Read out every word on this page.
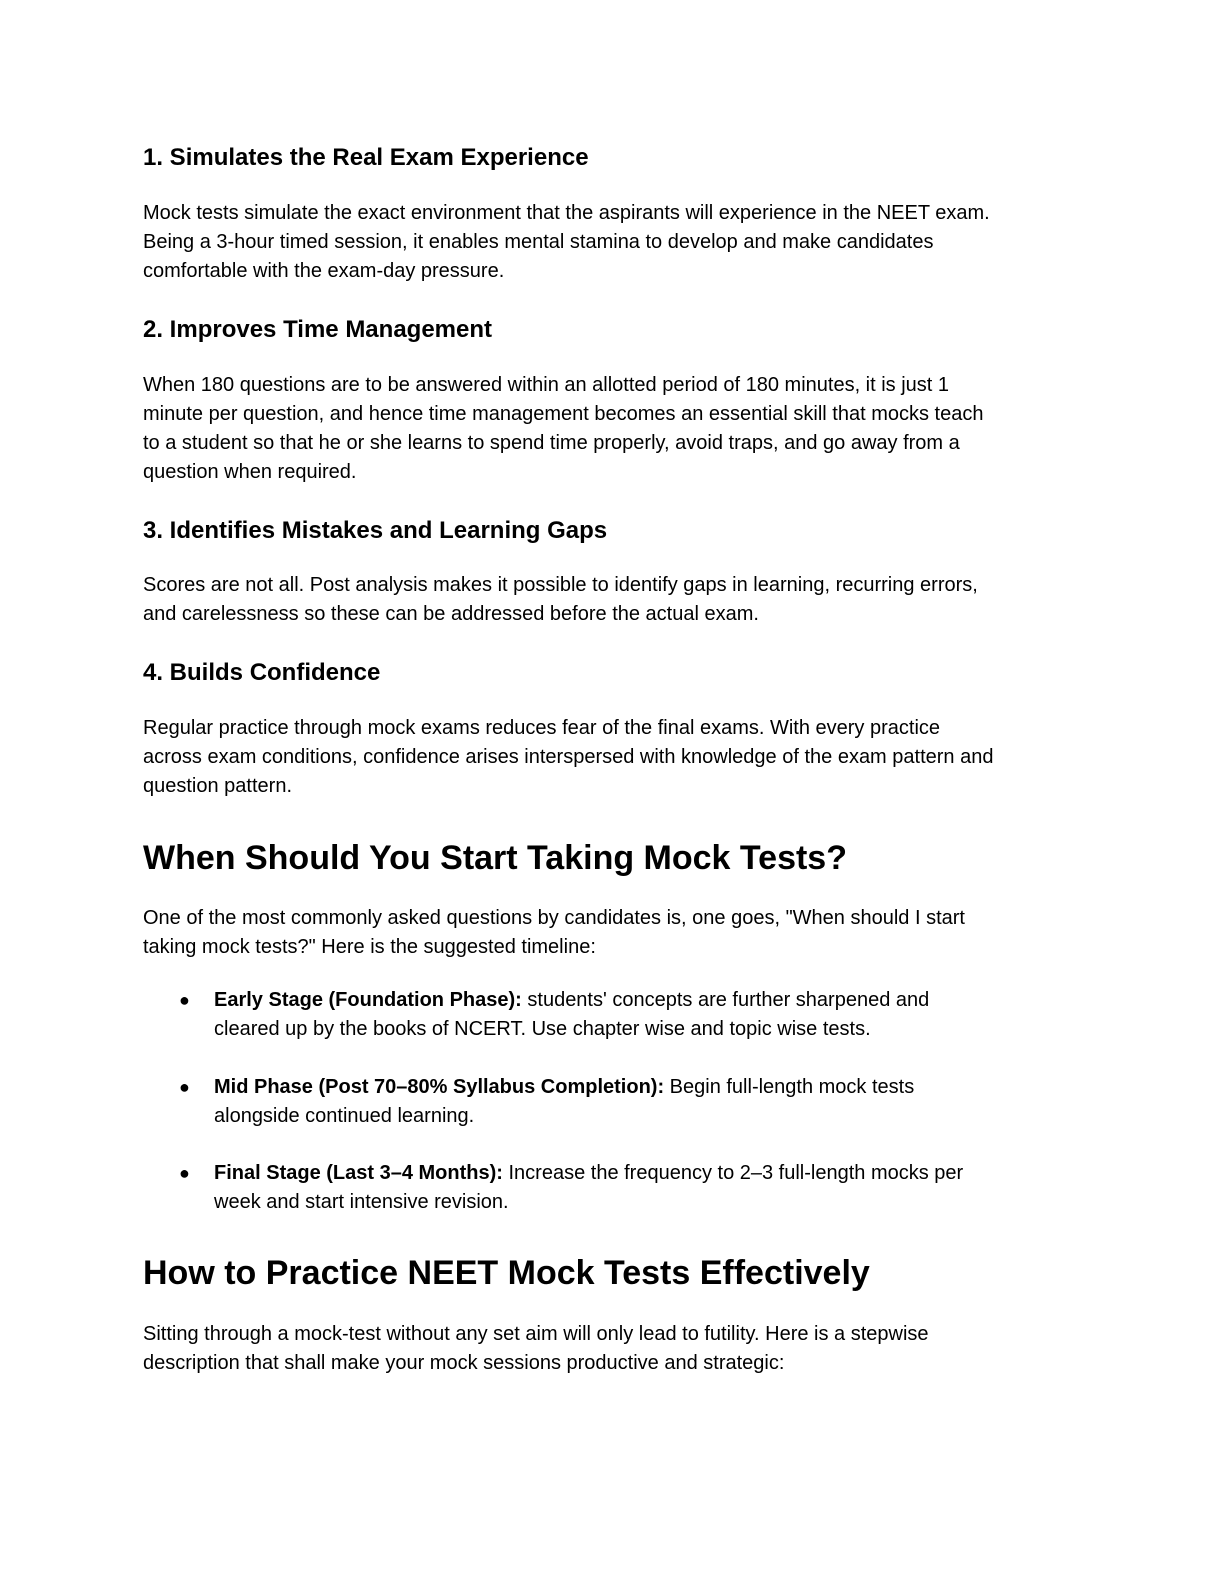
1. Simulates the Real Exam Experience
Mock tests simulate the exact environment that the aspirants will experience in the NEET exam.
Being a 3-hour timed session, it enables mental stamina to develop and make candidates
comfortable with the exam-day pressure.
2. Improves Time Management
When 180 questions are to be answered within an allotted period of 180 minutes, it is just 1
minute per question, and hence time management becomes an essential skill that mocks teach
to a student so that he or she learns to spend time properly, avoid traps, and go away from a
question when required.
3. Identifies Mistakes and Learning Gaps
Scores are not all. Post analysis makes it possible to identify gaps in learning, recurring errors,
and carelessness so these can be addressed before the actual exam.
4. Builds Confidence
Regular practice through mock exams reduces fear of the final exams. With every practice
across exam conditions, confidence arises interspersed with knowledge of the exam pattern and
question pattern.
When Should You Start Taking Mock Tests?
One of the most commonly asked questions by candidates is, one goes, "When should I start
taking mock tests?" Here is the suggested timeline:
● Early Stage (Foundation Phase): students' concepts are further sharpened and
cleared up by the books of NCERT. Use chapter wise and topic wise tests.
● Mid Phase (Post 70–80% Syllabus Completion): Begin full-length mock tests
alongside continued learning.
● Final Stage (Last 3–4 Months): Increase the frequency to 2–3 full-length mocks per
week and start intensive revision.
How to Practice NEET Mock Tests Effectively
Sitting through a mock-test without any set aim will only lead to futility. Here is a stepwise
description that shall make your mock sessions productive and strategic:
